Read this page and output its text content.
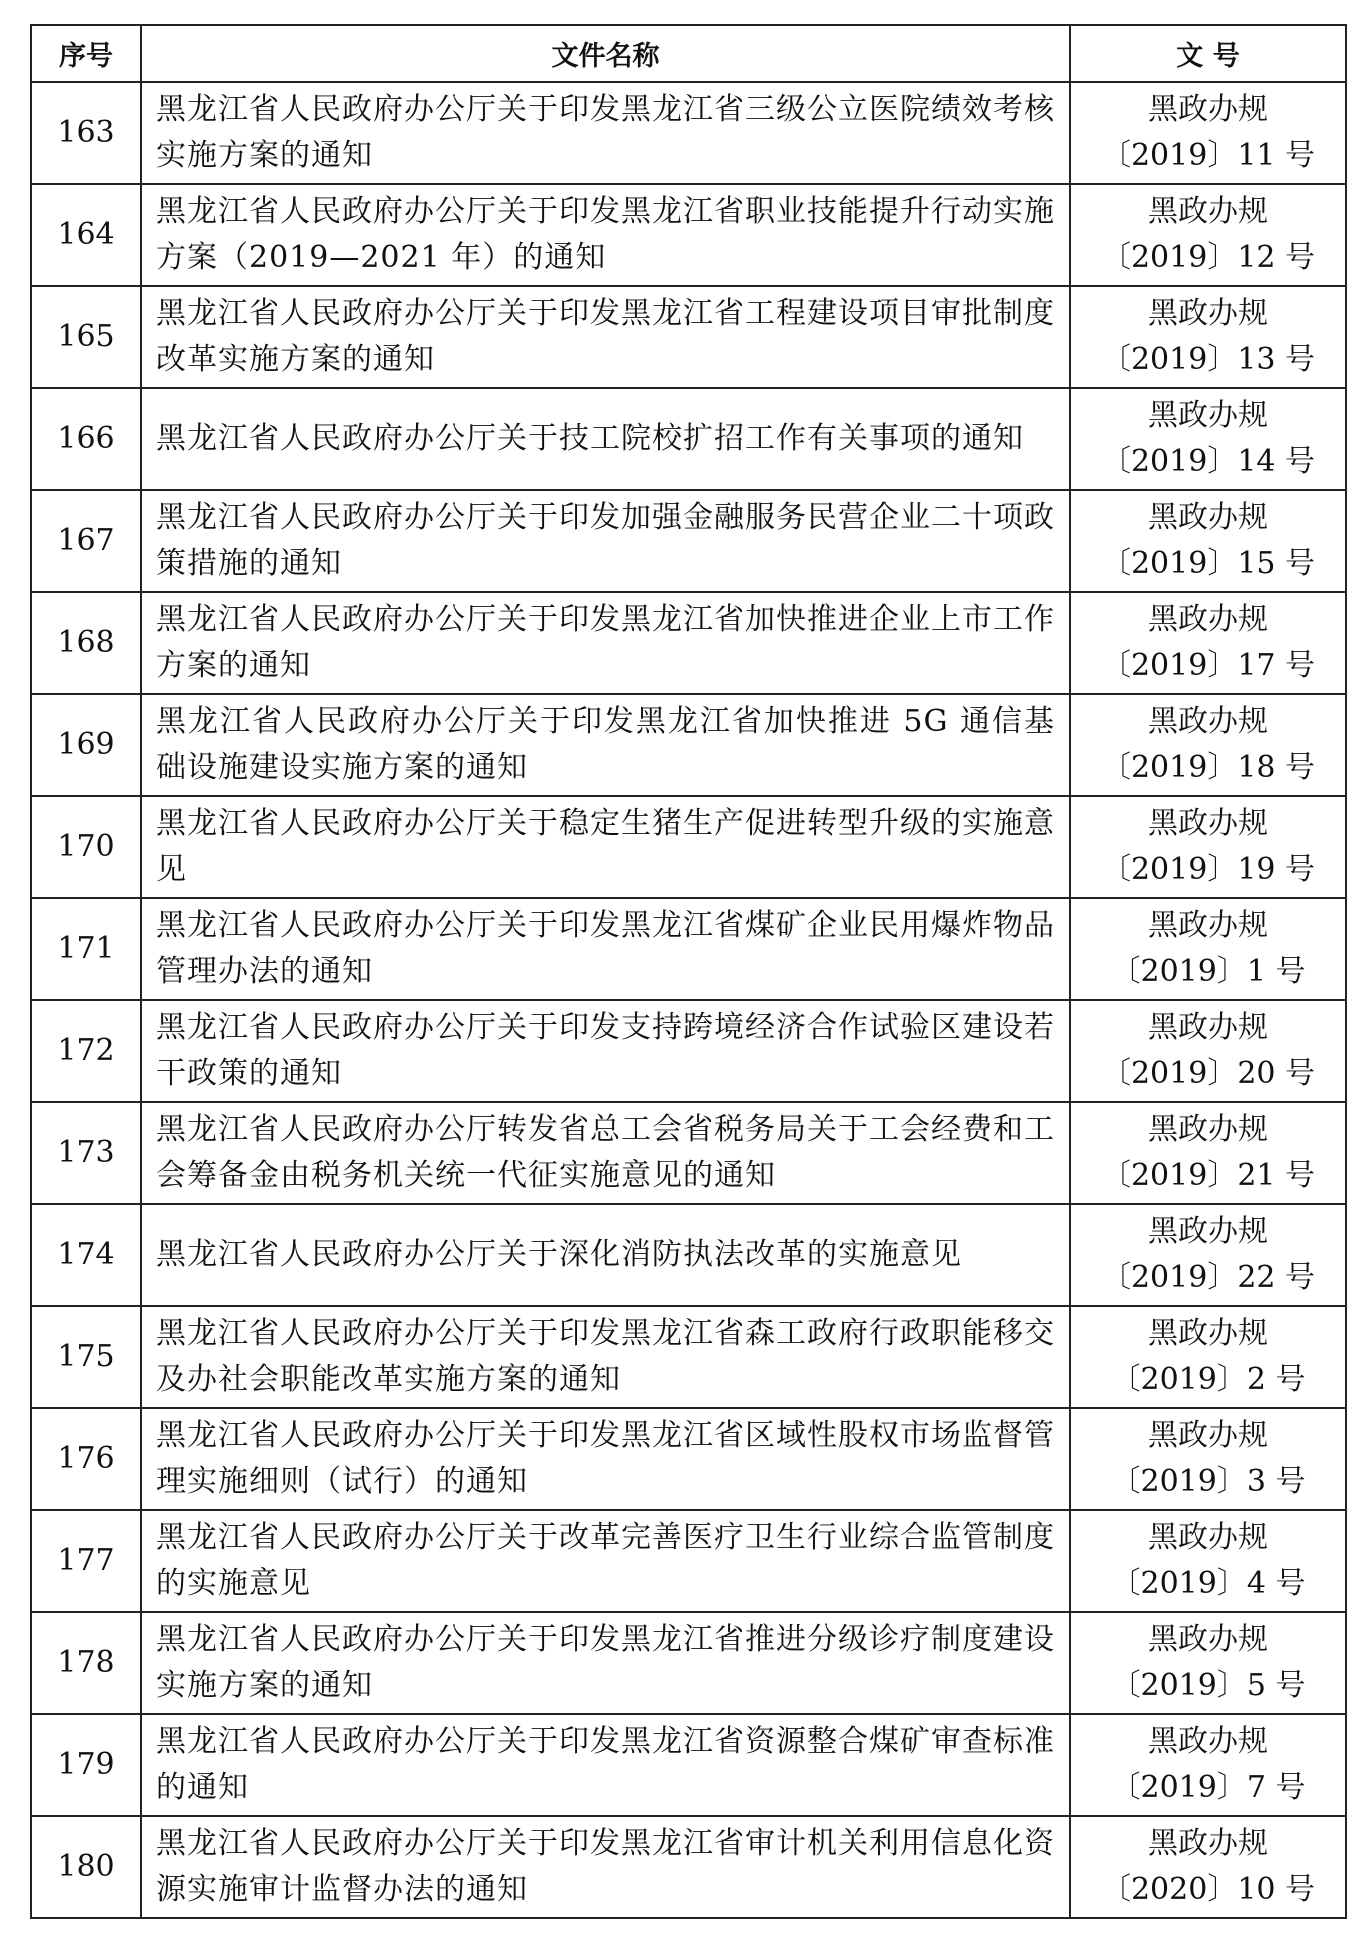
序号	文件名称	文 号
163	黑龙江省人民政府办公厅关于印发黑龙江省三级公立医院绩效考核实施方案的通知	黑政办规
〔2019〕11 号

164	黑龙江省人民政府办公厅关于印发黑龙江省职业技能提升行动实施方案（2019—2021 年）的通知	黑政办规
〔2019〕12 号

165	黑龙江省人民政府办公厅关于印发黑龙江省工程建设项目审批制度改革实施方案的通知	黑政办规
〔2019〕13 号

166	黑龙江省人民政府办公厅关于技工院校扩招工作有关事项的通知	黑政办规
〔2019〕14 号

167	黑龙江省人民政府办公厅关于印发加强金融服务民营企业二十项政策措施的通知	黑政办规
〔2019〕15 号

168	黑龙江省人民政府办公厅关于印发黑龙江省加快推进企业上市工作方案的通知	黑政办规
〔2019〕17 号

169	黑龙江省人民政府办公厅关于印发黑龙江省加快推进 5G 通信基础设施建设实施方案的通知	黑政办规
〔2019〕18 号

170	黑龙江省人民政府办公厅关于稳定生猪生产促进转型升级的实施意见	黑政办规
〔2019〕19 号

171	黑龙江省人民政府办公厅关于印发黑龙江省煤矿企业民用爆炸物品管理办法的通知	黑政办规
〔2019〕1 号

172	黑龙江省人民政府办公厅关于印发支持跨境经济合作试验区建设若干政策的通知	黑政办规
〔2019〕20 号

173	黑龙江省人民政府办公厅转发省总工会省税务局关于工会经费和工会筹备金由税务机关统一代征实施意见的通知	黑政办规
〔2019〕21 号

174	黑龙江省人民政府办公厅关于深化消防执法改革的实施意见	黑政办规
〔2019〕22 号

175	黑龙江省人民政府办公厅关于印发黑龙江省森工政府行政职能移交及办社会职能改革实施方案的通知	黑政办规
〔2019〕2 号

176	黑龙江省人民政府办公厅关于印发黑龙江省区域性股权市场监督管理实施细则（试行）的通知	黑政办规
〔2019〕3 号

177	黑龙江省人民政府办公厅关于改革完善医疗卫生行业综合监管制度的实施意见	黑政办规
〔2019〕4 号

178	黑龙江省人民政府办公厅关于印发黑龙江省推进分级诊疗制度建设实施方案的通知	黑政办规
〔2019〕5 号

179	黑龙江省人民政府办公厅关于印发黑龙江省资源整合煤矿审查标准的通知	黑政办规
〔2019〕7 号

180	黑龙江省人民政府办公厅关于印发黑龙江省审计机关利用信息化资源实施审计监督办法的通知	黑政办规
〔2020〕10 号
